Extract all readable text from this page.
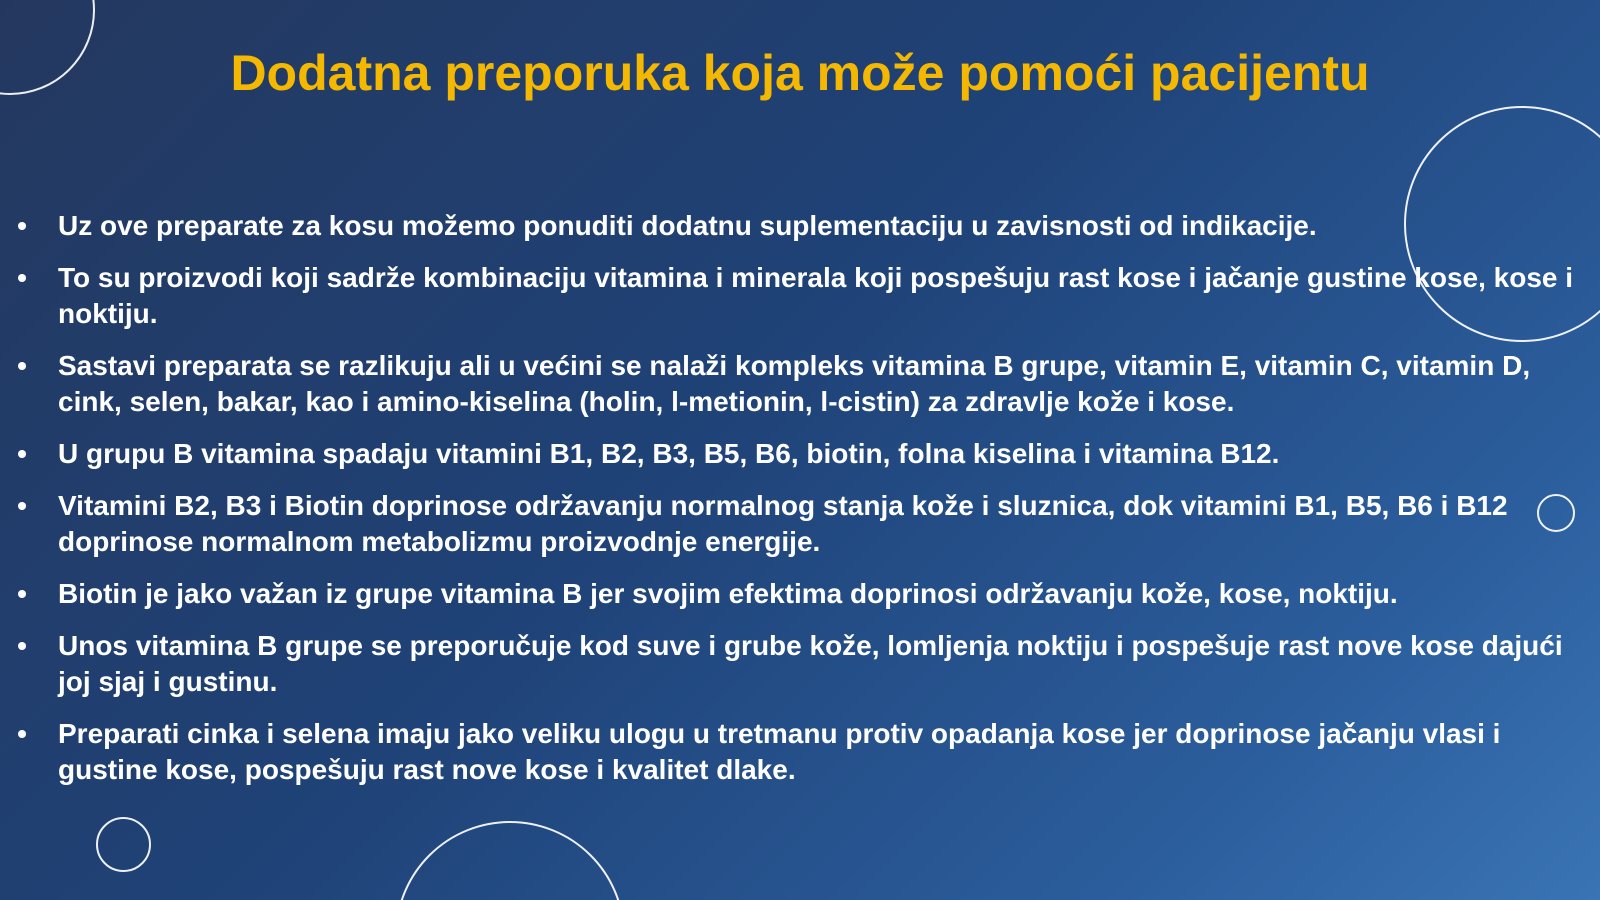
Dodatna preporuka koja može pomoći pacijentu
• Uz ove preparate za kosu možemo ponuditi dodatnu suplementaciju u zavisnosti od indikacije.
• To su proizvodi koji sadrže kombinaciju vitamina i minerala koji pospešuju rast kose i jačanje gustine kose, kose i noktiju.
• Sastavi preparata se razlikuju ali u većini se nalaži kompleks vitamina B grupe, vitamin E, vitamin C, vitamin D, cink, selen, bakar, kao i amino-kiselina (holin, l-metionin, l-cistin) za zdravlje kože i kose.
• U grupu B vitamina spadaju vitamini B1, B2, B3, B5, B6, biotin, folna kiselina i vitamina B12.
• Vitamini B2, B3 i Biotin doprinose održavanju normalnog stanja kože i sluznica, dok vitamini B1, B5, B6 i B12 doprinose normalnom metabolizmu proizvodnje energije.
• Biotin je jako važan iz grupe vitamina B jer svojim efektima doprinosi održavanju kože, kose, noktiju.
• Unos vitamina B grupe se preporučuje kod suve i grube kože, lomljenja noktiju i pospešuje rast nove kose dajući joj sjaj i gustinu.
• Preparati cinka i selena imaju jako veliku ulogu u tretmanu protiv opadanja kose jer doprinose jačanju vlasi i gustine kose, pospešuju rast nove kose i kvalitet dlake.
